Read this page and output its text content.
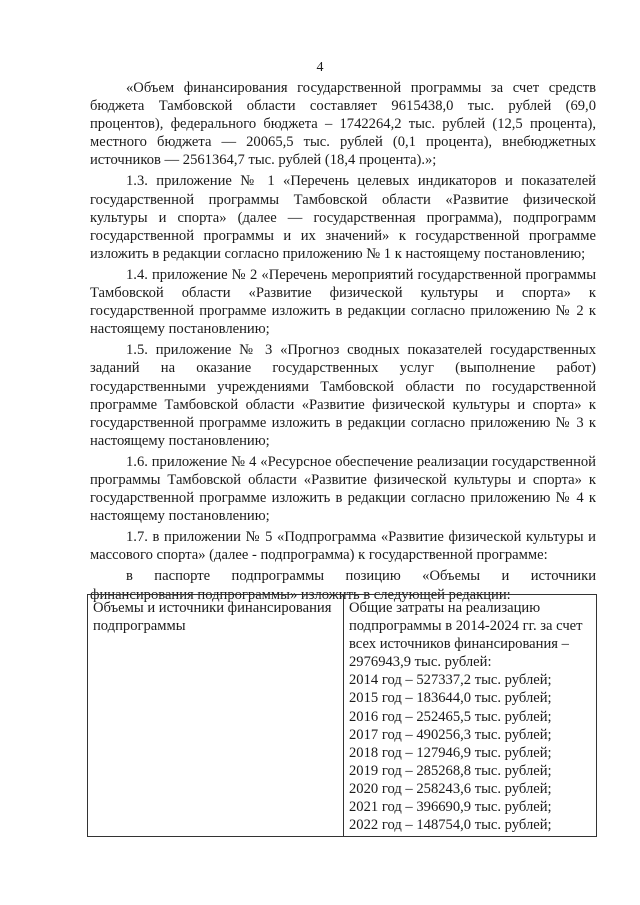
4

«Объем финансирования государственной программы за счет средств бюджета Тамбовской области составляет 9615438,0 тыс. рублей (69,0 процентов), федерального бюджета – 1742264,2 тыс. рублей (12,5 процента), местного бюджета — 20065,5 тыс. рублей (0,1 процента), внебюджетных источников — 2561364,7 тыс. рублей (18,4 процента).»;

1.3. приложение № 1 «Перечень целевых индикаторов и показателей государственной программы Тамбовской области «Развитие физической культуры и спорта» (далее — государственная программа), подпрограмм государственной программы и их значений» к государственной программе изложить в редакции согласно приложению № 1 к настоящему постановлению;

1.4. приложение № 2 «Перечень мероприятий государственной программы Тамбовской области «Развитие физической культуры и спорта» к государственной программе изложить в редакции согласно приложению № 2 к настоящему постановлению;

1.5. приложение № 3 «Прогноз сводных показателей государственных заданий на оказание государственных услуг (выполнение работ) государственными учреждениями Тамбовской области по государственной программе Тамбовской области «Развитие физической культуры и спорта» к государственной программе изложить в редакции согласно приложению № 3 к настоящему постановлению;

1.6. приложение № 4 «Ресурсное обеспечение реализации государственной программы Тамбовской области «Развитие физической культуры и спорта» к государственной программе изложить в редакции согласно приложению № 4 к настоящему постановлению;

1.7. в приложении № 5 «Подпрограмма «Развитие физической культуры и массового спорта» (далее - подпрограмма) к государственной программе:

в паспорте подпрограммы позицию «Объемы и источники финансирования подпрограммы» изложить в следующей редакции:

Объемы и источники финансирования подпрограммы	Общие затраты на реализацию подпрограммы в 2014-2024 гг. за счет всех источников финансирования – 2976943,9 тыс. рублей:
2014 год – 527337,2 тыс. рублей;
2015 год – 183644,0 тыс. рублей;
2016 год – 252465,5 тыс. рублей;
2017 год – 490256,3 тыс. рублей;
2018 год – 127946,9 тыс. рублей;
2019 год – 285268,8 тыс. рублей;
2020 год – 258243,6 тыс. рублей;
2021 год – 396690,9 тыс. рублей;
2022 год – 148754,0 тыс. рублей;
